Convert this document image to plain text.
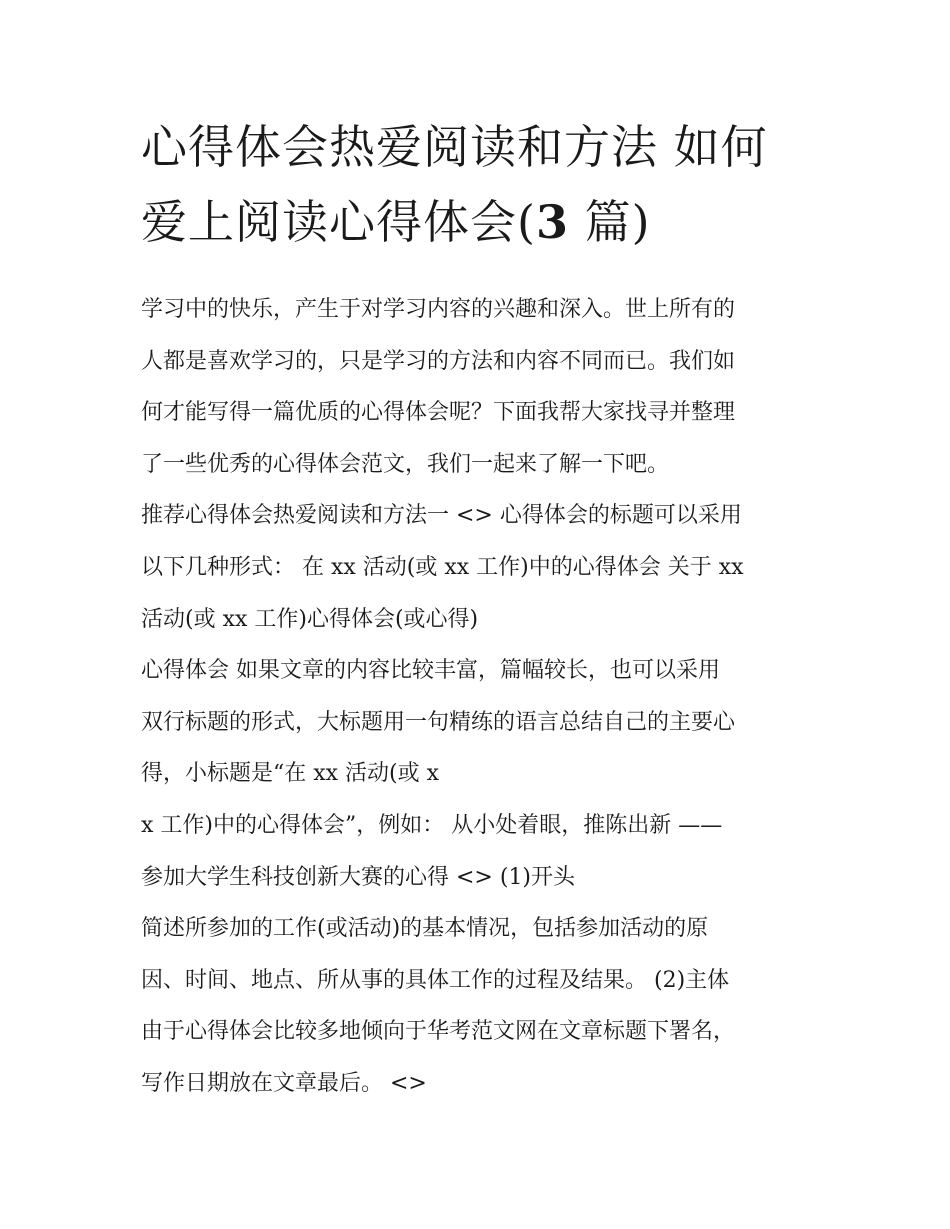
心得体会热爱阅读和方法 如何
爱上阅读心得体会(3 篇)
学习中的快乐，产生于对学习内容的兴趣和深入。世上所有的
人都是喜欢学习的，只是学习的方法和内容不同而已。我们如
何才能写得一篇优质的心得体会呢？下面我帮大家找寻并整理
了一些优秀的心得体会范文，我们一起来了解一下吧。
推荐心得体会热爱阅读和方法一 <> 心得体会的标题可以采用
以下几种形式： 在 xx 活动(或 xx 工作)中的心得体会 关于 xx
活动(或 xx 工作)心得体会(或心得)
心得体会 如果文章的内容比较丰富，篇幅较长，也可以采用
双行标题的形式，大标题用一句精练的语言总结自己的主要心
得，小标题是“在 xx 活动(或 x
x 工作)中的心得体会”，例如： 从小处着眼，推陈出新 ——
参加大学生科技创新大赛的心得 <> (1)开头
简述所参加的工作(或活动)的基本情况，包括参加活动的原
因、时间、地点、所从事的具体工作的过程及结果。 (2)主体
由于心得体会比较多地倾向于华考范文网在文章标题下署名，
写作日期放在文章最后。 <>
